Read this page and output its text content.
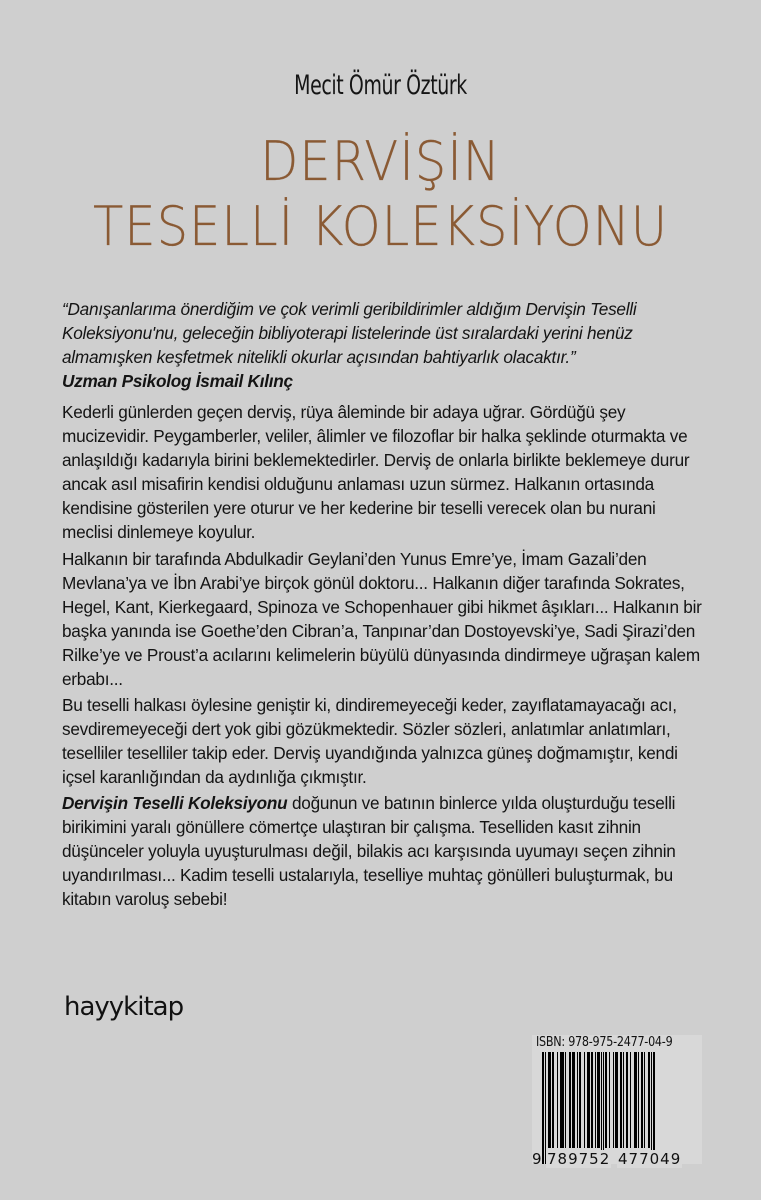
Mecit Ömür Öztürk
DERVİŞİN
TESELLİ KOLEKSİYONU

“Danışanlarıma önerdiğim ve çok verimli geribildirimler aldığım Dervişin Teselli Koleksiyonu'nu, geleceğin bibliyoterapi listelerinde üst sıralardaki yerini henüz almamışken keşfetmek nitelikli okurlar açısından bahtiyarlık olacaktır.”

Uzman Psikolog İsmail Kılınç

Kederli günlerden geçen derviş, rüya âleminde bir adaya uğrar. Gördüğü şey mucizevidir. Peygamberler, veliler, âlimler ve filozoflar bir halka şeklinde oturmakta ve anlaşıldığı kadarıyla birini beklemektedirler. Derviş de onlarla birlikte beklemeye durur ancak asıl misafirin kendisi olduğunu anlaması uzun sürmez. Halkanın ortasında kendisine gösterilen yere oturur ve her kederine bir teselli verecek olan bu nurani meclisi dinlemeye koyulur.

Halkanın bir tarafında Abdulkadir Geylani’den Yunus Emre’ye, İmam Gazali’den Mevlana’ya ve İbn Arabi’ye birçok gönül doktoru... Halkanın diğer tarafında Sokrates, Hegel, Kant, Kierkegaard, Spinoza ve Schopenhauer gibi hikmet âşıkları... Halkanın bir başka yanında ise Goethe’den Cibran’a, Tanpınar’dan Dostoyevski’ye, Sadi Şirazi’den Rilke’ye ve Proust’a acılarını kelimelerin büyülü dünyasında dindirmeye uğraşan kalem erbabı...

Bu teselli halkası öylesine geniştir ki, dindiremeyeceği keder, zayıflatamayacağı acı, sevdiremeyeceği dert yok gibi gözükmektedir. Sözler sözleri, anlatımlar anlatımları, teselliler teselliler takip eder. Derviş uyandığında yalnızca güneş doğmamıştır, kendi içsel karanlığından da aydınlığa çıkmıştır.

Dervişin Teselli Koleksiyonu doğunun ve batının binlerce yılda oluşturduğu teselli birikimini yaralı gönüllere cömertçe ulaştıran bir çalışma. Teselliden kasıt zihnin düşünceler yoluyla uyuşturulması değil, bilakis acı karşısında uyumayı seçen zihnin uyandırılması... Kadim teselli ustalarıyla, teselliye muhtaç gönülleri buluşturmak, bu kitabın varoluş sebebi!

hayykitap
ISBN: 978-975-2477-04-9
9 789752 477049
